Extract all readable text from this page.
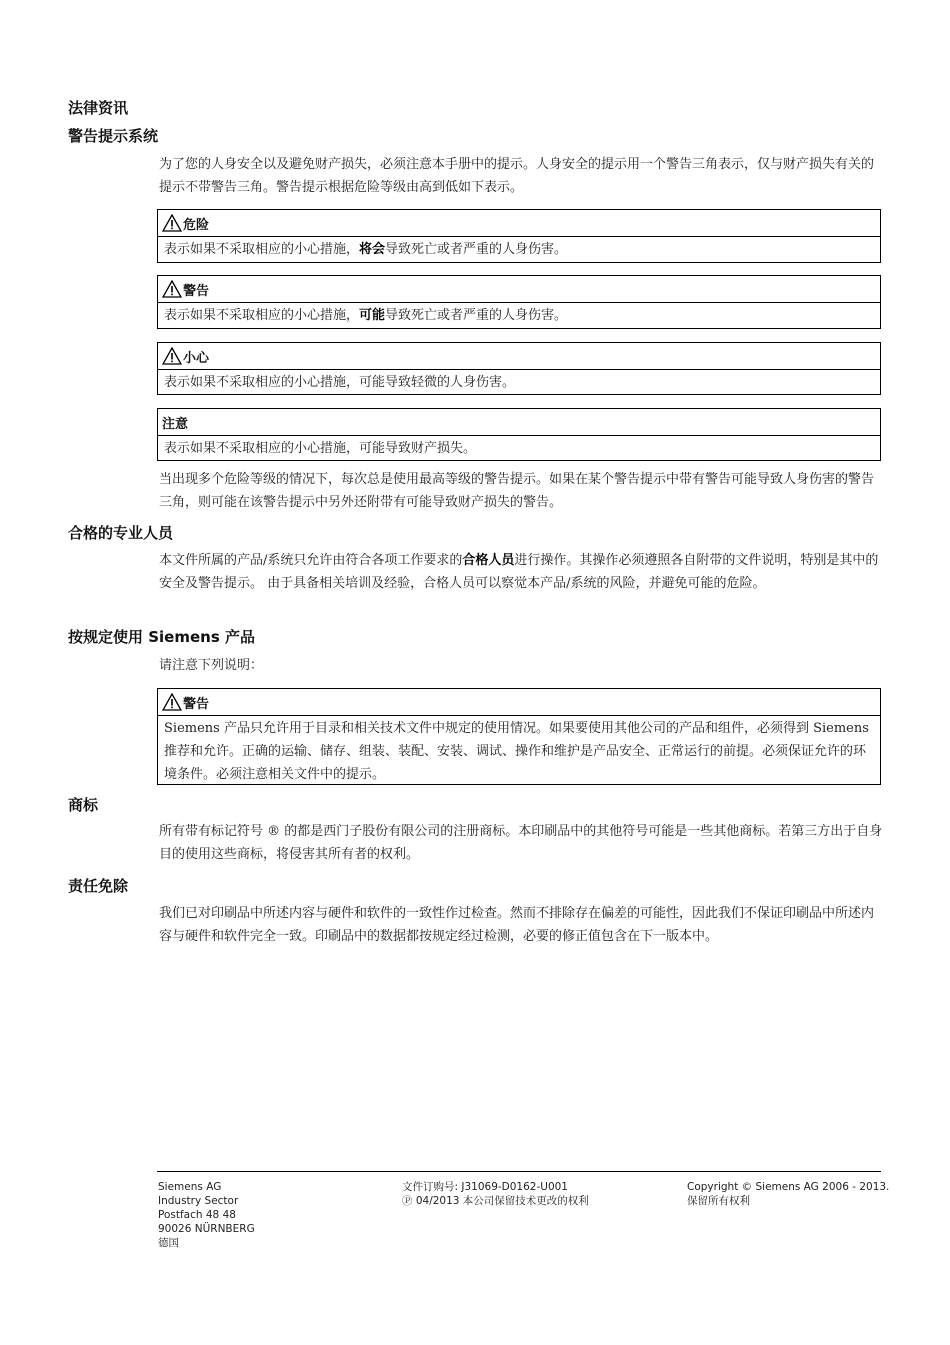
法律资讯
警告提示系统

为了您的人身安全以及避免财产损失，必须注意本手册中的提示。人身安全的提示用一个警告三角表示，仅与财产损失有关的提示不带警告三角。警告提示根据危险等级由高到低如下表示。

危险
表示如果不采取相应的小心措施，将会导致死亡或者严重的人身伤害。
警告
表示如果不采取相应的小心措施，可能导致死亡或者严重的人身伤害。
小心
表示如果不采取相应的小心措施，可能导致轻微的人身伤害。
注意
表示如果不采取相应的小心措施，可能导致财产损失。

当出现多个危险等级的情况下，每次总是使用最高等级的警告提示。如果在某个警告提示中带有警告可能导致人身伤害的警告三角，则可能在该警告提示中另外还附带有可能导致财产损失的警告。

合格的专业人员

本文件所属的产品/系统只允许由符合各项工作要求的合格人员进行操作。其操作必须遵照各自附带的文件说明，特别是其中的安全及警告提示。 由于具备相关培训及经验，合格人员可以察觉本产品/系统的风险，并避免可能的危险。

按规定使用 Siemens 产品

请注意下列说明：

警告
Siemens 产品只允许用于目录和相关技术文件中规定的使用情况。如果要使用其他公司的产品和组件，必须得到 Siemens 推荐和允许。正确的运输、储存、组装、装配、安装、调试、操作和维护是产品安全、正常运行的前提。必须保证允许的环境条件。必须注意相关文件中的提示。
商标

所有带有标记符号 ® 的都是西门子股份有限公司的注册商标。本印刷品中的其他符号可能是一些其他商标。若第三方出于自身目的使用这些商标，将侵害其所有者的权利。

责任免除

我们已对印刷品中所述内容与硬件和软件的一致性作过检查。然而不排除存在偏差的可能性，因此我们不保证印刷品中所述内容与硬件和软件完全一致。印刷品中的数据都按规定经过检测，必要的修正值包含在下一版本中。

Siemens AG
Industry Sector
Postfach 48 48
90026 NÜRNBERG
德国
文件订购号: J31069-D0162-U001
Ⓟ 04/2013 本公司保留技术更改的权利
Copyright © Siemens AG 2006 - 2013.
保留所有权利
